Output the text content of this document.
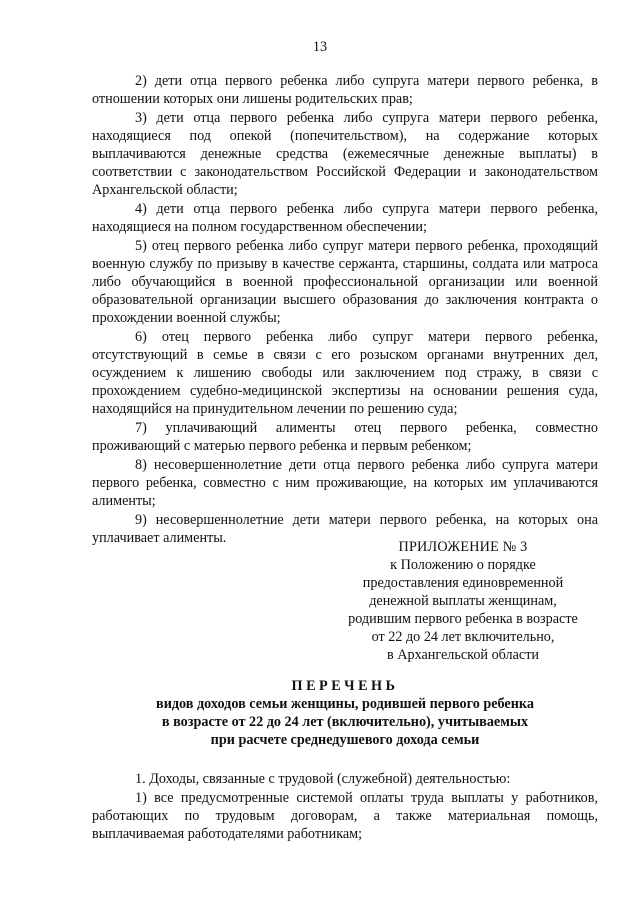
13

2) дети отца первого ребенка либо супруга матери первого ребенка, в отношении которых они лишены родительских прав;

3) дети отца первого ребенка либо супруга матери первого ребенка, находящиеся под опекой (попечительством), на содержание которых выплачиваются денежные средства (ежемесячные денежные выплаты) в соответствии с законодательством Российской Федерации и законодательством Архангельской области;

4) дети отца первого ребенка либо супруга матери первого ребенка, находящиеся на полном государственном обеспечении;

5) отец первого ребенка либо супруг матери первого ребенка, проходящий военную службу по призыву в качестве сержанта, старшины, солдата или матроса либо обучающийся в военной профессиональной организации или военной образовательной организации высшего образования до заключения контракта о прохождении военной службы;

6) отец первого ребенка либо супруг матери первого ребенка, отсутствующий в семье в связи с его розыском органами внутренних дел, осуждением к лишению свободы или заключением под стражу, в связи с прохождением судебно-медицинской экспертизы на основании решения суда, находящийся на принудительном лечении по решению суда;

7) уплачивающий алименты отец первого ребенка, совместно проживающий с матерью первого ребенка и первым ребенком;

8) несовершеннолетние дети отца первого ребенка либо супруга матери первого ребенка, совместно с ним проживающие, на которых им уплачиваются алименты;

9) несовершеннолетние дети матери первого ребенка, на которых она уплачивает алименты.

ПРИЛОЖЕНИЕ № 3
к Положению о порядке
предоставления единовременной
денежной выплаты женщинам,
родившим первого ребенка в возрасте
от 22 до 24 лет включительно,
в Архангельской области
ПЕРЕЧЕНЬ
видов доходов семьи женщины, родившей первого ребенка
в возрасте от 22 до 24 лет (включительно), учитываемых
при расчете среднедушевого дохода семьи

1. Доходы, связанные с трудовой (служебной) деятельностью:

1) все предусмотренные системой оплаты труда выплаты у работников, работающих по трудовым договорам, а также материальная помощь, выплачиваемая работодателями работникам;
